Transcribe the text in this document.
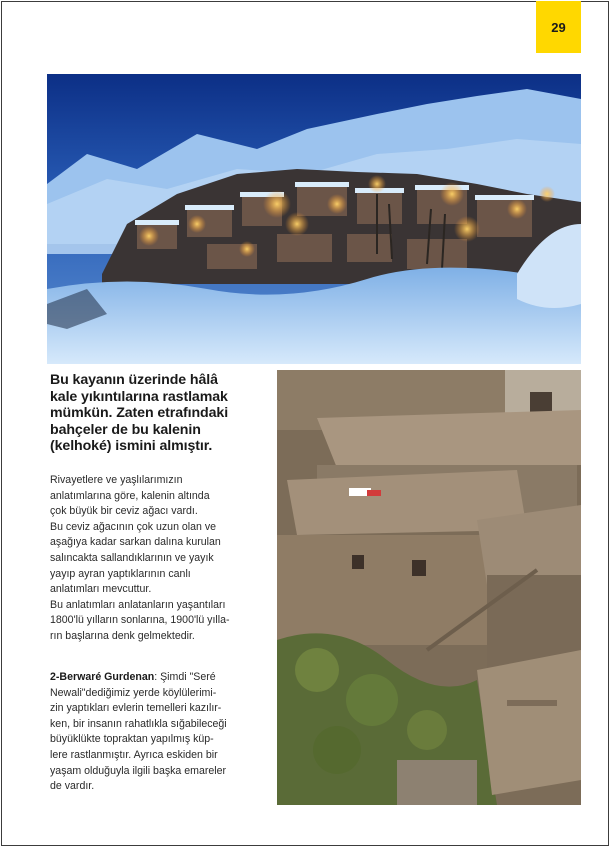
29
Bu kayanın üzerinde hâlâ
kale yıkıntılarına rastlamak
mümkün. Zaten etrafındaki
bahçeler de bu kalenin
(kelhoké) ismini almıştır.
Rivayetlere ve yaşlılarımızın
anlatımlarına göre, kalenin altında
çok büyük bir ceviz ağacı vardı.
Bu ceviz ağacının çok uzun olan ve
aşağıya kadar sarkan dalına kurulan
salıncakta sallandıklarının ve yayık
yayıp ayran yaptıklarının canlı
anlatımları mevcuttur.
Bu anlatımları anlatanların yaşantıları
1800'lü yılların sonlarına, 1900'lü yılla-
rın başlarına denk gelmektedir.
2-Berwaré Gurdenan: Şimdi "Seré
Newali"dediğimiz yerde köylülerimi-
zin yaptıkları evlerin temelleri kazılır-
ken, bir insanın rahatlıkla sığabileceği
büyüklükte topraktan yapılmış küp-
lere rastlanmıştır. Ayrıca eskiden bir
yaşam olduğuyla ilgili başka emareler
de vardır.
